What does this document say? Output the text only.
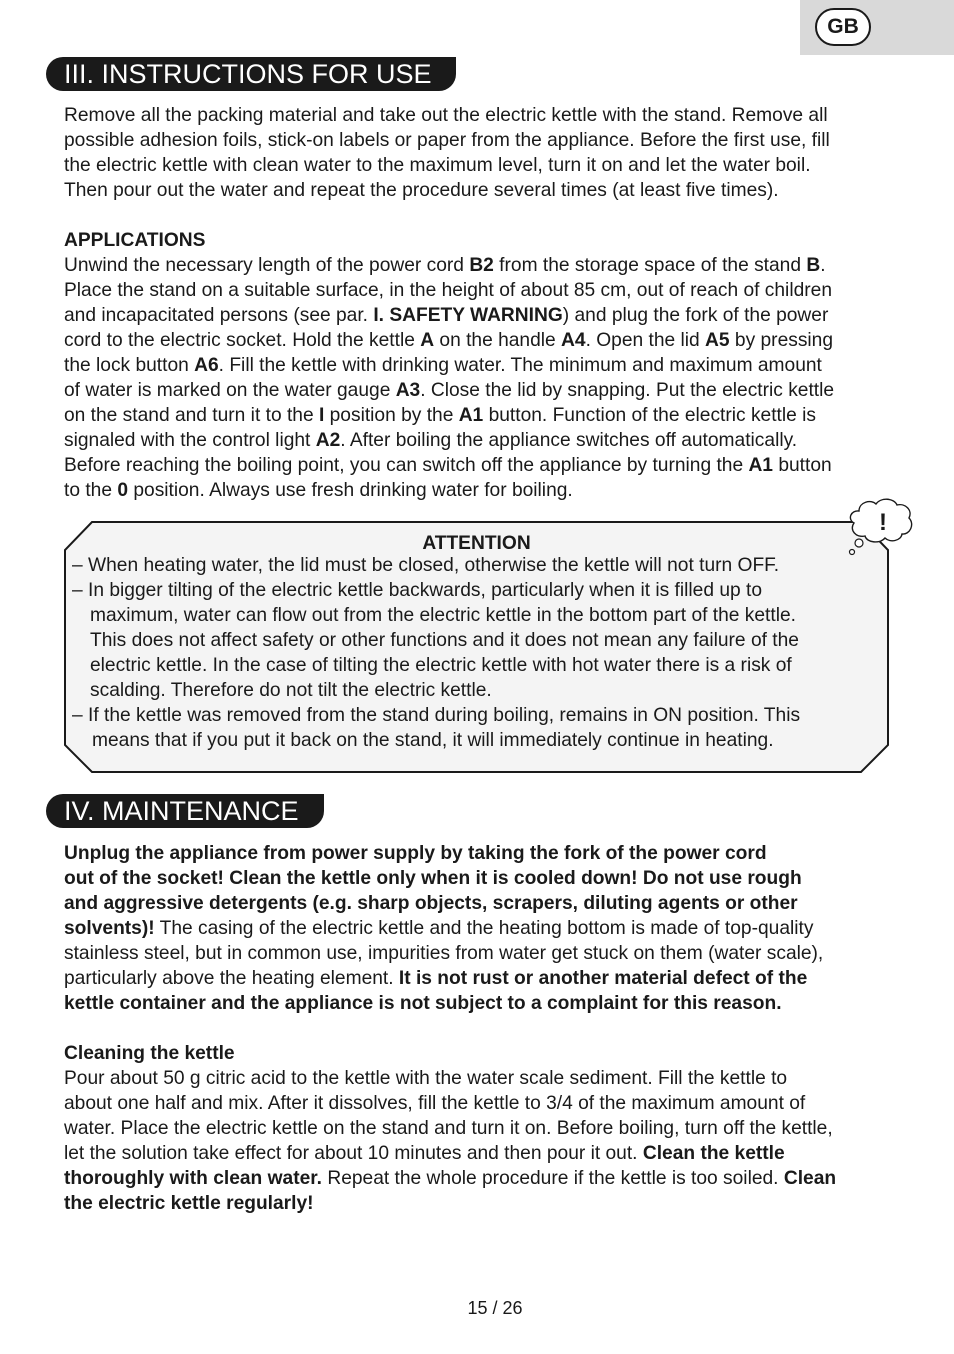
GB
III. INSTRUCTIONS FOR USE

Remove all the packing material and take out the electric kettle with the stand. Remove all

possible adhesion foils, stick-on labels or paper from the appliance. Before the first use, fill

the electric kettle with clean water to the maximum level, turn it on and let the water boil.

Then pour out the water and repeat the procedure several times (at least five times).

APPLICATIONS

Unwind the necessary length of the power cord B2 from the storage space of the stand B.

Place the stand on a suitable surface, in the height of about 85 cm, out of reach of children

and incapacitated persons (see par. I. SAFETY WARNING) and plug the fork of the power

cord to the electric socket. Hold the kettle A on the handle A4. Open the lid A5 by pressing

the lock button A6. Fill the kettle with drinking water. The minimum and maximum amount

of water is marked on the water gauge A3. Close the lid by snapping. Put the electric kettle

on the stand and turn it to the I position by the A1 button. Function of the electric kettle is

signaled with the control light A2. After boiling the appliance switches off automatically.

Before reaching the boiling point, you can switch off the appliance by turning the A1 button

to the 0 position. Always use fresh drinking water for boiling.

ATTENTION
!

– When heating water, the lid must be closed, otherwise the kettle will not turn OFF.

– In bigger tilting of the electric kettle backwards, particularly when it is filled up to

maximum, water can flow out from the electric kettle in the bottom part of the kettle.

This does not affect safety or other functions and it does not mean any failure of the

electric kettle. In the case of tilting the electric kettle with hot water there is a risk of

scalding. Therefore do not tilt the electric kettle.

– If the kettle was removed from the stand during boiling, remains in ON position. This

means that if you put it back on the stand, it will immediately continue in heating.

IV. MAINTENANCE

Unplug the appliance from power supply by taking the fork of the power cord

out of the socket! Clean the kettle only when it is cooled down! Do not use rough

and aggressive detergents (e.g. sharp objects, scrapers, diluting agents or other

solvents)! The casing of the electric kettle and the heating bottom is made of top-quality

stainless steel, but in common use, impurities from water get stuck on them (water scale),

particularly above the heating element. It is not rust or another material defect of the

kettle container and the appliance is not subject to a complaint for this reason.

Cleaning the kettle

Pour about 50 g citric acid to the kettle with the water scale sediment. Fill the kettle to

about one half and mix. After it dissolves, fill the kettle to 3/4 of the maximum amount of

water. Place the electric kettle on the stand and turn it on. Before boiling, turn off the kettle,

let the solution take effect for about 10 minutes and then pour it out. Clean the kettle

thoroughly with clean water. Repeat the whole procedure if the kettle is too soiled. Clean

the electric kettle regularly!

15 / 26
